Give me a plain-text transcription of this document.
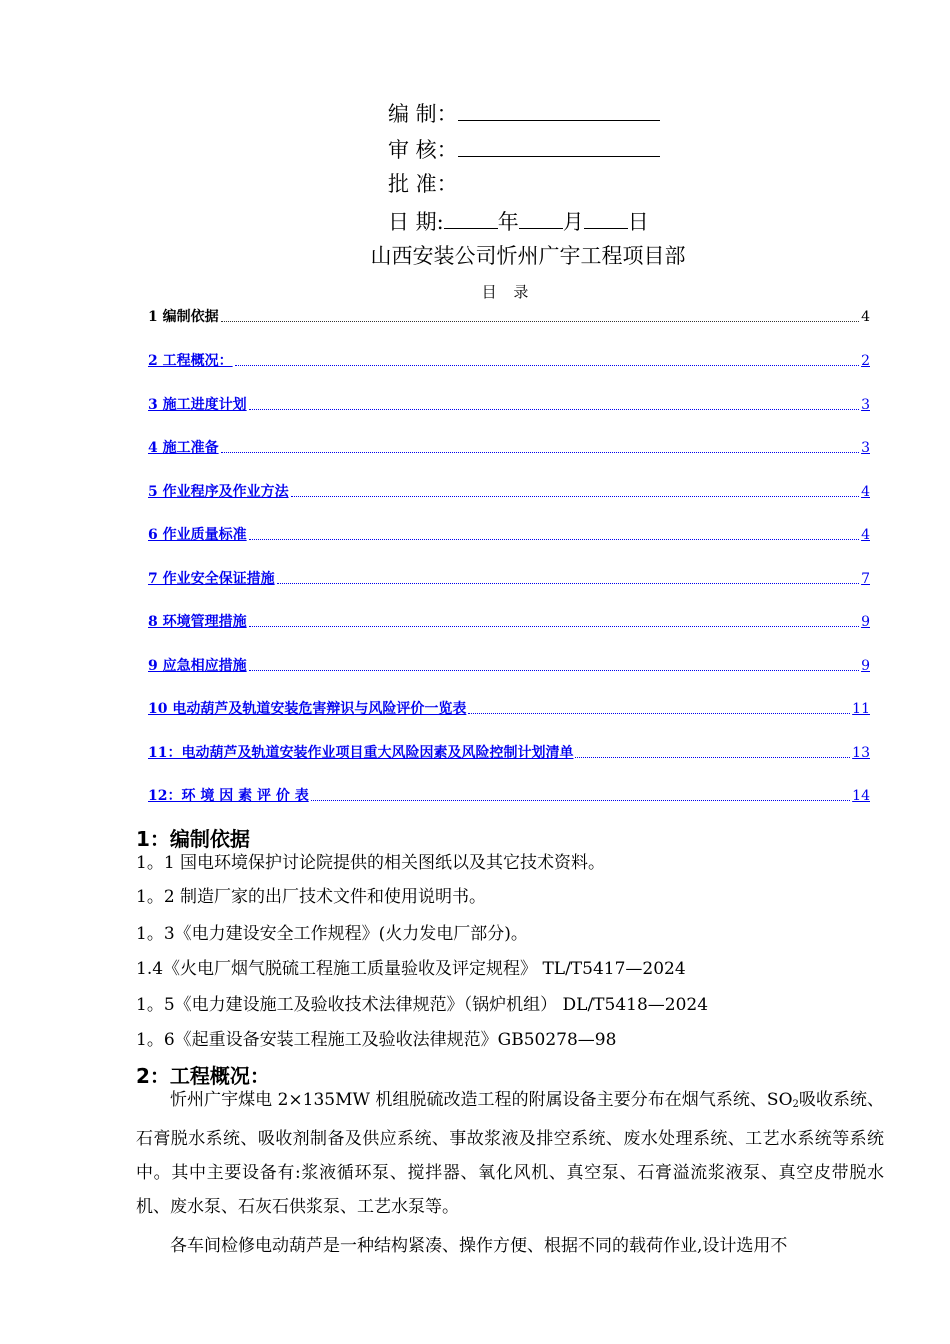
编 制：
审 核：
批 准：
日 期:	年 月 日
山西安装公司忻州广宇工程项目部
目 录
1 编制依据	4
2 工程概况：	2
3 施工进度计划	3
4 施工准备	3
5 作业程序及作业方法	4
6 作业质量标准	4
7 作业安全保证措施	7
8 环境管理措施	9
9 应急相应措施	9
10 电动葫芦及轨道安装危害辩识与风险评价一览表	11
11：电动葫芦及轨道安装作业项目重大风险因素及风险控制计划清单	13
12：环 境 因 素 评 价 表	14
1：编制依据
1。1 国电环境保护讨论院提供的相关图纸以及其它技术资料。
1。2 制造厂家的出厂技术文件和使用说明书。
1。3《电力建设安全工作规程》(火力发电厂部分)。
1.4《火电厂烟气脱硫工程施工质量验收及评定规程》 TL/T5417—2024
1。5《电力建设施工及验收技术法律规范》（锅炉机组） DL/T5418—2024
1。6《起重设备安装工程施工及验收法律规范》GB50278—98
2：工程概况：
忻州广宇煤电 2×135MW 机组脱硫改造工程的附属设备主要分布在烟气系统、$SO_2$吸收系统、石膏脱水系统、吸收剂制备及供应系统、事故浆液及排空系统、废水处理系统、工艺水系统等系统中。其中主要设备有:浆液循环泵、搅拌器、氧化风机、真空泵、石膏溢流浆液泵、真空皮带脱水机、废水泵、石灰石供浆泵、工艺水泵等。
各车间检修电动葫芦是一种结构紧凑、操作方便、根据不同的载荷作业,设计选用不
